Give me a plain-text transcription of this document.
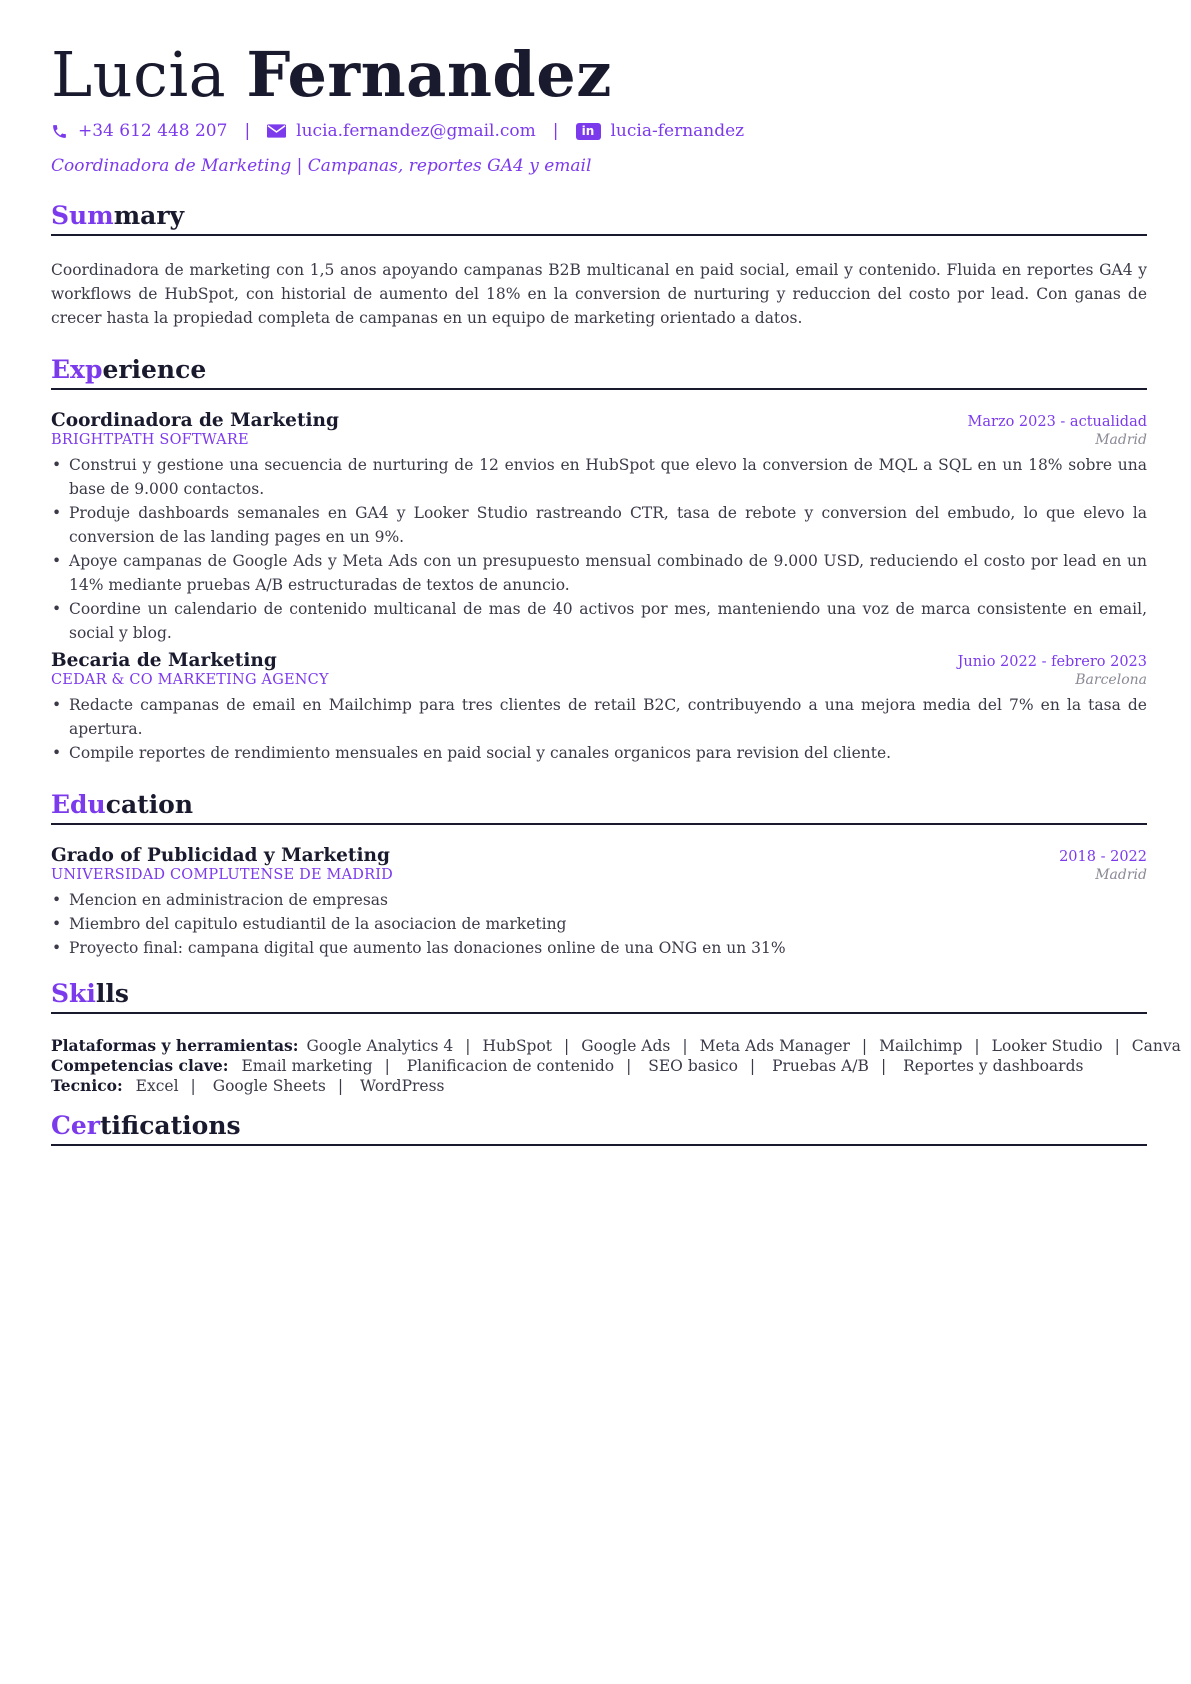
Lucia Fernandez
+34 612 448 207 |	lucia.fernandez@gmail.com |	in lucia-fernandez
Coordinadora de Marketing | Campanas, reportes GA4 y email
Summary
Coordinadora de marketing con 1,5 anos apoyando campanas B2B multicanal en paid social, email y contenido. Fluida en reportes GA4 y workflows de HubSpot, con historial de aumento del 18% en la conversion de nurturing y reduccion del costo por lead. Con ganas de crecer hasta la propiedad completa de campanas en un equipo de marketing orientado a datos.
Experience
Coordinadora de Marketing	Marzo 2023 - actualidad
BRIGHTPATH SOFTWARE	Madrid
• Construi y gestione una secuencia de nurturing de 12 envios en HubSpot que elevo la conversion de MQL a SQL en un 18% sobre una base de 9.000 contactos.
• Produje dashboards semanales en GA4 y Looker Studio rastreando CTR, tasa de rebote y conversion del embudo, lo que elevo la conversion de las landing pages en un 9%.
• Apoye campanas de Google Ads y Meta Ads con un presupuesto mensual combinado de 9.000 USD, reduciendo el costo por lead en un 14% mediante pruebas A/B estructuradas de textos de anuncio.
• Coordine un calendario de contenido multicanal de mas de 40 activos por mes, manteniendo una voz de marca consistente en email, social y blog.
Becaria de Marketing	Junio 2022 - febrero 2023
CEDAR & CO MARKETING AGENCY	Barcelona
• Redacte campanas de email en Mailchimp para tres clientes de retail B2C, contribuyendo a una mejora media del 7% en la tasa de apertura.
• Compile reportes de rendimiento mensuales en paid social y canales organicos para revision del cliente.
Education
Grado of Publicidad y Marketing	2018 - 2022
UNIVERSIDAD COMPLUTENSE DE MADRID	Madrid
• Mencion en administracion de empresas
• Miembro del capitulo estudiantil de la asociacion de marketing
• Proyecto final: campana digital que aumento las donaciones online de una ONG en un 31%
Skills
Plataformas y herramientas: Google Analytics 4 | HubSpot | Google Ads | Meta Ads Manager | Mailchimp | Looker Studio | Canva
Competencias clave: Email marketing | Planificacion de contenido | SEO basico | Pruebas A/B | Reportes y dashboards
Tecnico: Excel | Google Sheets | WordPress
Certifications
